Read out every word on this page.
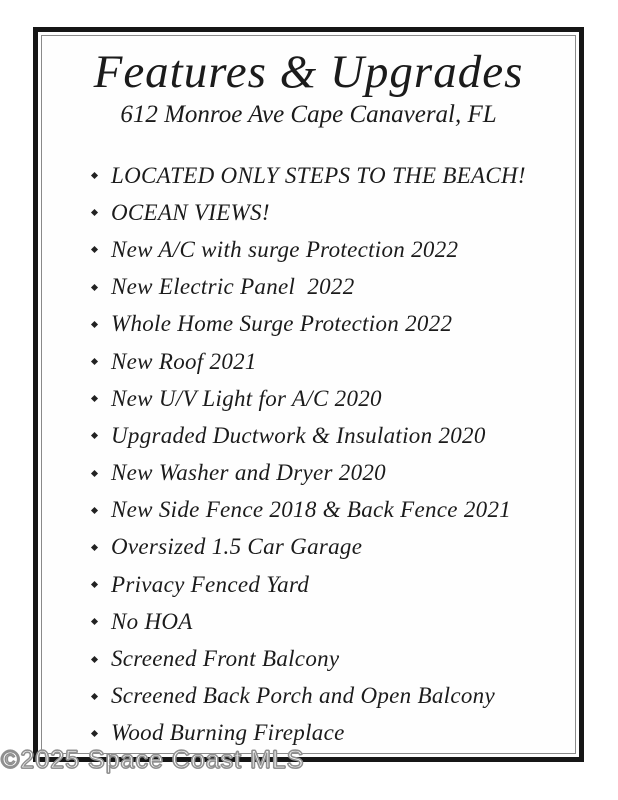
Features & Upgrades
612 Monroe Ave Cape Canaveral, FL
LOCATED ONLY STEPS TO THE BEACH!
OCEAN VIEWS!
New A/C with surge Protection 2022
New Electric Panel  2022
Whole Home Surge Protection 2022
New Roof 2021
New U/V Light for A/C 2020
Upgraded Ductwork & Insulation 2020
New Washer and Dryer 2020
New Side Fence 2018 & Back Fence 2021
Oversized 1.5 Car Garage
Privacy Fenced Yard
No HOA
Screened Front Balcony
Screened Back Porch and Open Balcony
Wood Burning Fireplace
©2025 Space Coast MLS
